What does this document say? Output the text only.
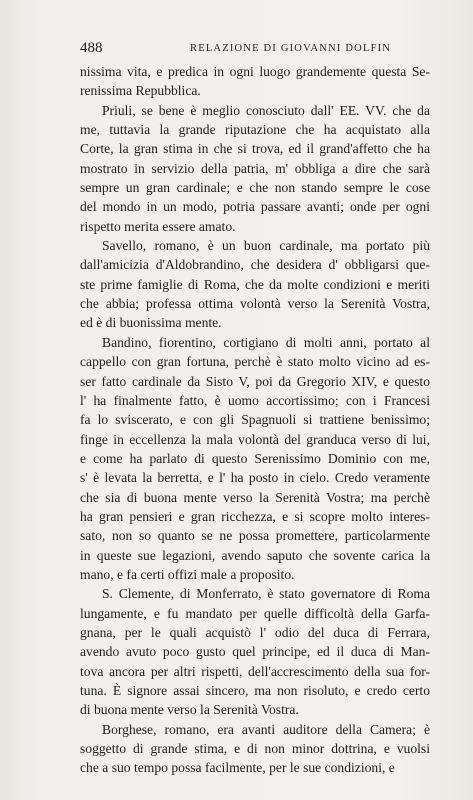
488	RELAZIONE DI GIOVANNI DOLFIN
nissima vita, e predica in ogni luogo grandemente questa Se-
renissima Repubblica.
Priuli, se bene è meglio conosciuto dall' EE. VV. che da
me, tuttavia la grande riputazione che ha acquistato alla
Corte, la gran stima in che si trova, ed il grand'affetto che ha
mostrato in servizio della patria, m' obbliga a dire che sarà
sempre un gran cardinale; e che non stando sempre le cose
del mondo in un modo, potria passare avanti; onde per ogni
rispetto merita essere amato.
Savello, romano, è un buon cardinale, ma portato più
dall'amicizia d'Aldobrandino, che desidera d' obbligarsi que-
ste prime famiglie di Roma, che da molte condizioni e meriti
che abbia; professa ottima volontà verso la Serenità Vostra,
ed è di buonissima mente.
Bandino, fiorentino, cortigiano di molti anni, portato al
cappello con gran fortuna, perchè è stato molto vicino ad es-
ser fatto cardinale da Sisto V, poi da Gregorio XIV, e questo
l' ha finalmente fatto, è uomo accortissimo; con i Francesi
fa lo sviscerato, e con gli Spagnuoli si trattiene benissimo;
finge in eccellenza la mala volontà del granduca verso di lui,
e come ha parlato di questo Serenissimo Dominio con me,
s' è levata la berretta, e l' ha posto in cielo. Credo veramente
che sia di buona mente verso la Serenità Vostra; ma perchè
ha gran pensieri e gran ricchezza, e si scopre molto interes-
sato, non so quanto se ne possa promettere, particolarmente
in queste sue legazioni, avendo saputo che sovente carica la
mano, e fa certi offizi male a proposito.
S. Clemente, di Monferrato, è stato governatore di Roma
lungamente, e fu mandato per quelle difficoltà della Garfa-
gnana, per le quali acquistò l' odio del duca di Ferrara,
avendo avuto poco gusto quel principe, ed il duca di Man-
tova ancora per altri rispetti, dell'accrescimento della sua for-
tuna. È signore assai sincero, ma non risoluto, e credo certo
di buona mente verso la Serenità Vostra.
Borghese, romano, era avanti auditore della Camera; è
soggetto di grande stima, e di non minor dottrina, e vuolsi
che a suo tempo possa facilmente, per le sue condizioni, e
